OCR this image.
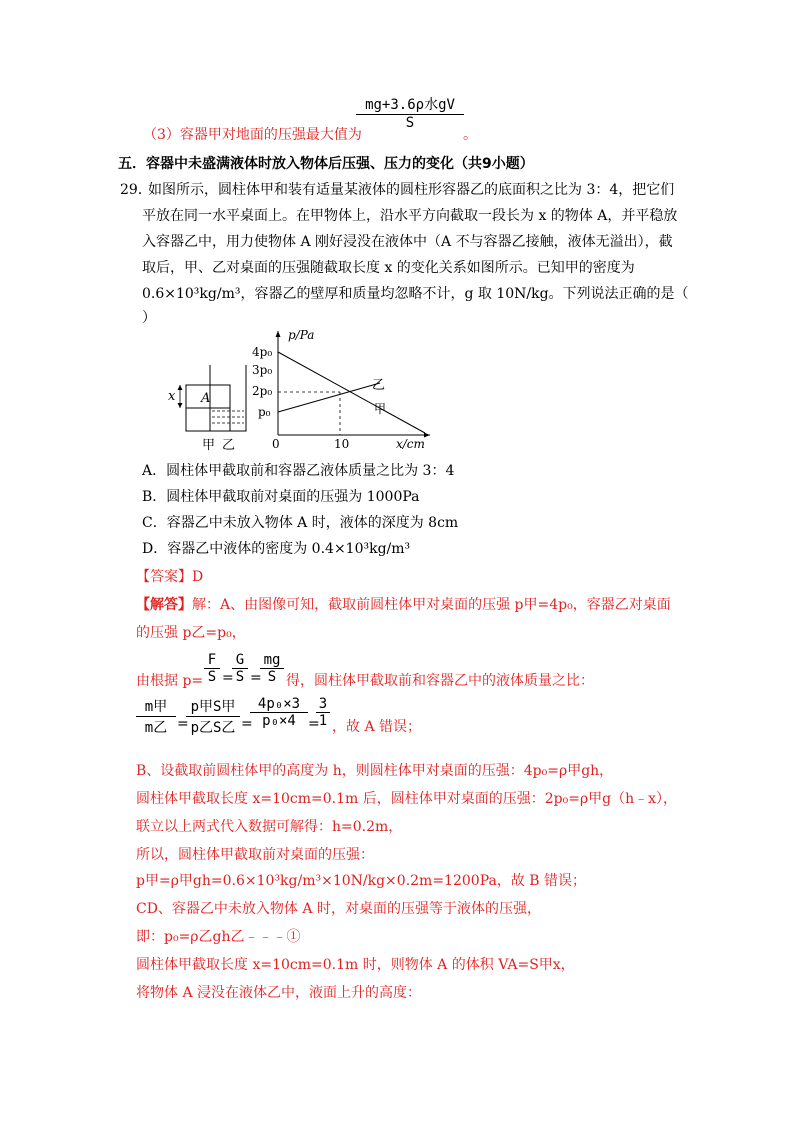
（3）容器甲对地面的压强最大值为
mg+3.6ρ水gV
S
。
五．容器中未盛满液体时放入物体后压强、压力的变化（共9小题）
29．
如图所示，圆柱体甲和装有适量某液体的圆柱形容器乙的底面积之比为 3：4，把它们
平放在同一水平桌面上。在甲物体上，沿水平方向截取一段长为 x 的物体 A，并平稳放
入容器乙中，用力使物体 A 刚好浸没在液体中（A 不与容器乙接触，液体无溢出），截
取后，甲、乙对桌面的压强随截取长度 x 的变化关系如图所示。已知甲的密度为
0.6×10³kg/m³，容器乙的壁厚和质量均忽略不计，g 取 10N/kg。下列说法正确的是（
）
x A
甲 乙
p/Pa
x/cm
4p₀
3p₀
2p₀
p₀
0	10
乙
甲
A．圆柱体甲截取前和容器乙液体质量之比为 3：4
B．圆柱体甲截取前对桌面的压强为 1000Pa
C．容器乙中未放入物体 A 时，液体的深度为 8cm
D．容器乙中液体的密度为 0.4×10³kg/m³
【答案】D
【解答】解：A、由图像可知，截取前圆柱体甲对桌面的压强 p甲=4p₀，容器乙对桌面
的压强 p乙=p₀，
由根据 $p= \frac{F}{S}$ =
$\frac{G}{S}$ =
$\frac{mg}{S}$ 得，圆柱体甲截取前和容器乙中的液体质量之比：
m甲
m乙 =
p甲S甲
p乙S乙 =
$\frac{\text{4p₀×3}}{\text{p₀×4}}$ =
$\frac{3}{1}$ ，故 A 错误；
B、设截取前圆柱体甲的高度为 h，则圆柱体甲对桌面的压强：4p₀=ρ甲gh，
圆柱体甲截取长度 x=10cm=0.1m 后，圆柱体甲对桌面的压强：2p₀=ρ甲g（h﹣x），
联立以上两式代入数据可解得：h=0.2m，
所以，圆柱体甲截取前对桌面的压强：
p甲=ρ甲gh=0.6×10³kg/m³×10N/kg×0.2m=1200Pa，故 B 错误；
CD、容器乙中未放入物体 A 时，对桌面的压强等于液体的压强，
即：p₀=ρ乙gh乙﹣﹣﹣①
圆柱体甲截取长度 x=10cm=0.1m 时，则物体 A 的体积 VA=S甲x，
将物体 A 浸没在液体乙中，液面上升的高度：
